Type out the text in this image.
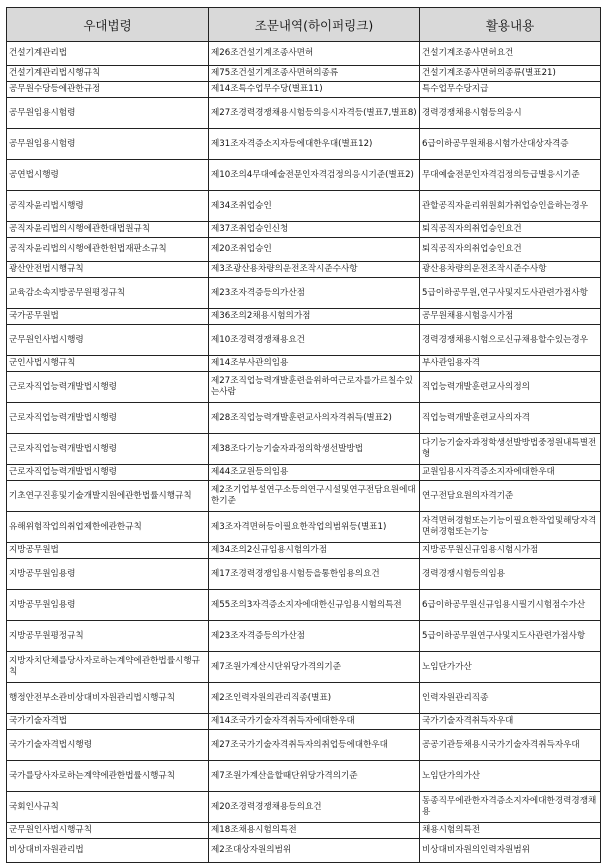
우대법령	조문내역(하이퍼링크)	활용내용
건설기계관리법	제26조건설기계조종사면허	건설기계조종사면허요건
건설기계관리법시행규칙	제75조건설기계조종사면허의종류	건설기계조종사면허의종류(별표21)
공무원수당등에관한규정	제14조특수업무수당(별표11)	특수업무수당지급
공무원임용시험령	제27조경력경쟁채용시험등의응시자격등(별표7,별표8)	경력경쟁채용시험등의응시
공무원임용시험령	제31조자격증소지자등에대한우대(별표12)	6급이하공무원채용시험가산대상자격증
공연법시행령	제10조의4무대예술전문인자격검정의응시기준(별표2)	무대예술전문인자격검정의등급별응시기준
공직자윤리법시행령	제34조취업승인	관할공직자윤리위원회가취업승인을하는경우
공직자윤리법의시행에관한대법원규칙	제37조취업승인신청	퇴직공직자의취업승인요건
공직자윤리법의시행에관한헌법재판소규칙	제20조취업승인	퇴직공직자의취업승인요건
광산안전법시행규칙	제3조광산용차량의운전조작시준수사항	광산용차량의운전조작시준수사항
교육감소속지방공무원평정규칙	제23조자격증등의가산점	5급이하공무원,연구사및지도사관련가점사항
국가공무원법	제36조의2채용시험의가점	공무원채용시험응시가점
군무원인사법시행령	제10조경력경쟁채용요건	경력경쟁채용시험으로신규채용할수있는경우
군인사법시행규칙	제14조부사관의임용	부사관임용자격
근로자직업능력개발법시행령	제27조직업능력개발훈련을위하여근로자를가르칠수있는사람	직업능력개발훈련교사의정의
근로자직업능력개발법시행령	제28조직업능력개발훈련교사의자격취득(별표2)	직업능력개발훈련교사의자격
근로자직업능력개발법시행령	제38조다기능기술자과정의학생선발방법	다기능기술자과정학생선발방법중정원내특별전형
근로자직업능력개발법시행령	제44조교원등의임용	교원임용시자격증소지자에대한우대
기초연구진흥및기술개발지원에관한법률시행규칙	제2조기업부설연구소등의연구시설및연구전담요원에대한기준	연구전담요원의자격기준
유해위험작업의취업제한에관한규칙	제3조자격면허등이필요한작업의범위등(별표1)	자격면허경험또는기능이필요한작업및해당자격면허경험또는기능
지방공무원법	제34조의2신규임용시험의가점	지방공무원신규임용시험시가점
지방공무원임용령	제17조경력경쟁임용시험등을통한임용의요건	경력경쟁시험등의임용
지방공무원임용령	제55조의3자격증소지자에대한신규임용시험의특전	6급이하공무원신규임용시필기시험점수가산
지방공무원평정규칙	제23조자격증등의가산점	5급이하공무원연구사및지도사관련가점사항
지방자치단체를당사자로하는계약에관한법률시행규칙	제7조원가계산시단위당가격의기준	노임단가가산
행정안전부소관비상대비자원관리법시행규칙	제2조인력자원의관리직종(별표)	인력자원관리직종
국가기술자격법	제14조국가기술자격취득자에대한우대	국가기술자격취득자우대
국가기술자격법시행령	제27조국가기술자격취득자의취업등에대한우대	공공기관등채용시국가기술자격취득자우대
국가를당사자로하는계약에관한법률시행규칙	제7조원가계산을할때단위당가격의기준	노임단가의가산
국회인사규칙	제20조경력경쟁채용등의요건	동종직무에관한자격증소지자에대한경력경쟁채용
군무원인사법시행규칙	제18조채용시험의특전	채용시험의특전
비상대비자원관리법	제2조대상자원의범위	비상대비자원의인력자원범위
